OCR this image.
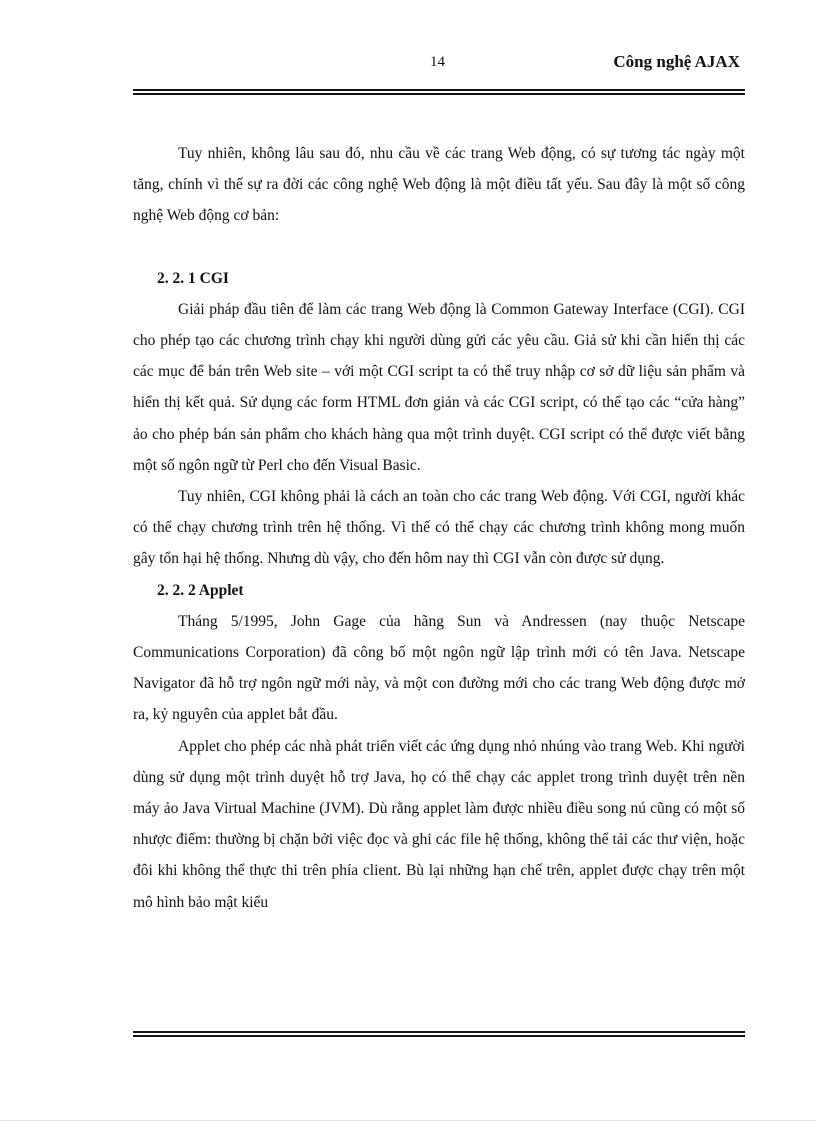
14	Công nghệ AJAX

Tuy nhiên, không lâu sau đó, nhu cầu về các trang Web động, có sự tương tác ngày một tăng, chính vì thế sự ra đời các công nghệ Web động là một điều tất yếu. Sau đây là một số công nghệ Web động cơ bản:

2. 2. 1 CGI

Giải pháp đầu tiên để làm các trang Web động là Common Gateway Interface (CGI). CGI cho phép tạo các chương trình chạy khi người dùng gửi các yêu cầu. Giả sử khi cần hiển thị các các mục để bán trên Web site – với một CGI script ta có thể truy nhập cơ sở dữ liệu sản phẩm và hiển thị kết quả. Sử dụng các form HTML đơn giản và các CGI script, có thể tạo các “cửa hàng” ảo cho phép bán sản phẩm cho khách hàng qua một trình duyệt. CGI script có thể được viết bằng một số ngôn ngữ từ Perl cho đến Visual Basic.

Tuy nhiên, CGI không phải là cách an toàn cho các trang Web động. Với CGI, người khác có thể chạy chương trình trên hệ thống. Vì thế có thể chạy các chương trình không mong muốn gây tổn hại hệ thống. Nhưng dù vậy, cho đến hôm nay thì CGI vẫn còn được sử dụng.

2. 2. 2 Applet

Tháng 5/1995, John Gage của hãng Sun và Andressen (nay thuộc Netscape Communications Corporation) đã công bố một ngôn ngữ lập trình mới có tên Java. Netscape Navigator đã hỗ trợ ngôn ngữ mới này, và một con đường mới cho các trang Web động được mở ra, kỷ nguyên của applet bắt đầu.

Applet cho phép các nhà phát triển viết các ứng dụng nhỏ nhúng vào trang Web. Khi người dùng sử dụng một trình duyệt hỗ trợ Java, họ có thể chạy các applet trong trình duyệt trên nền máy ảo Java Virtual Machine (JVM). Dù rằng applet làm được nhiều điều song nú cũng có một số nhược điểm: thường bị chặn bởi việc đọc và ghi các file hệ thống, không thể tải các thư viện, hoặc đôi khi không thể thực thi trên phía client. Bù lại những hạn chế trên, applet được chạy trên một mô hình bảo mật kiểu
